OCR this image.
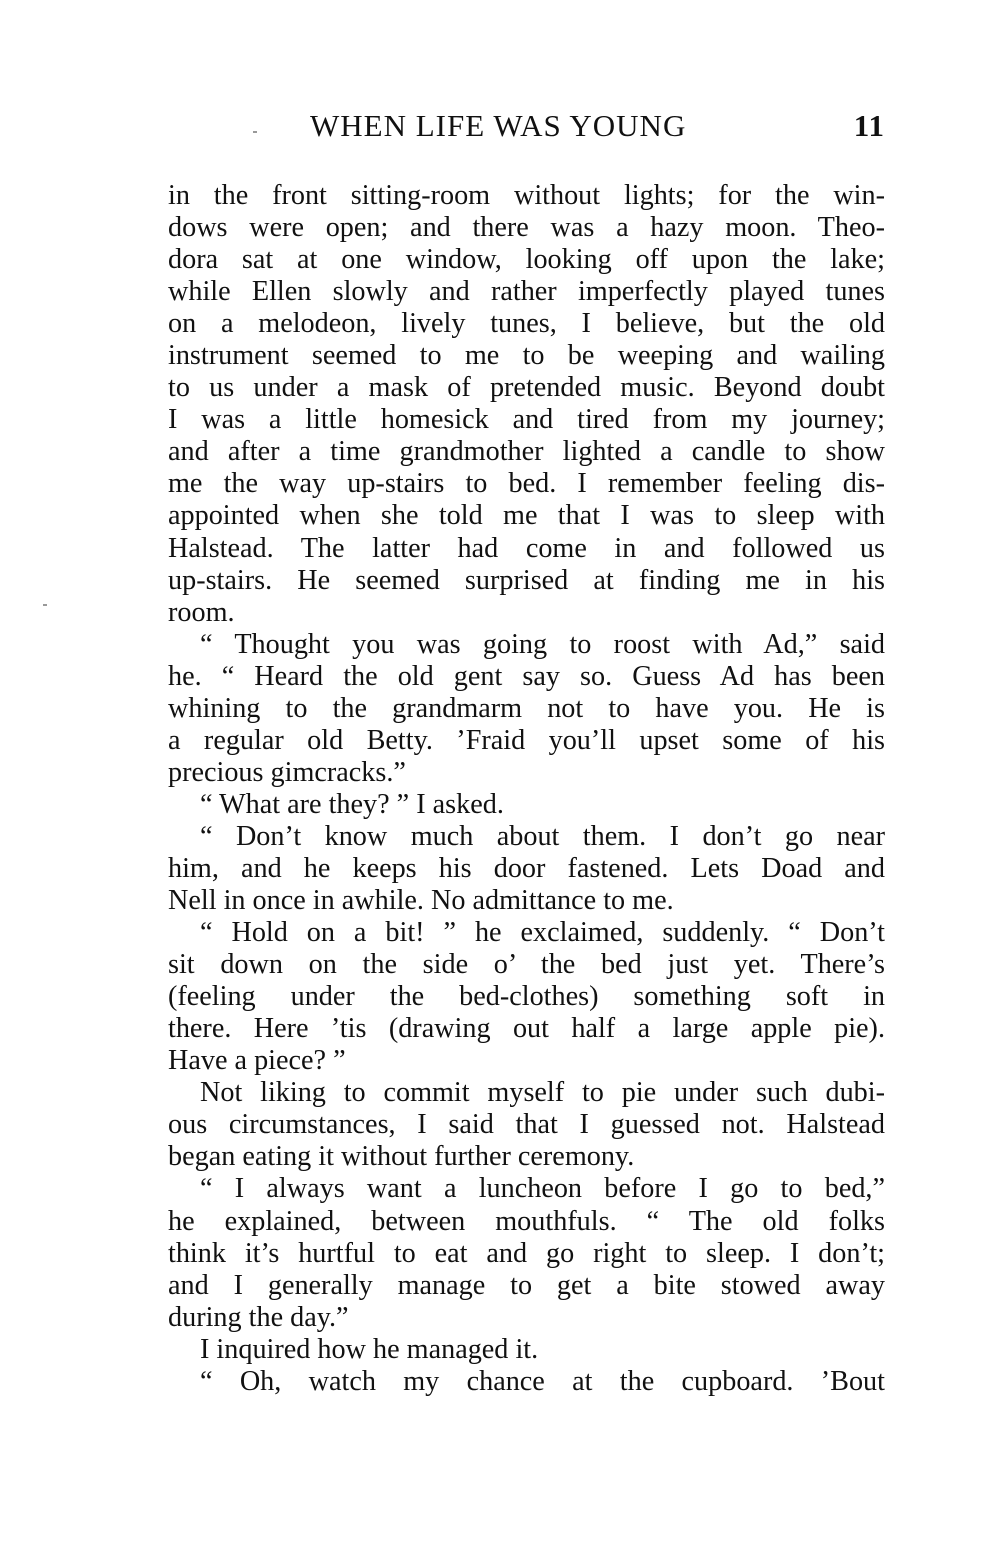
WHEN LIFE WAS YOUNG	11
in the front sitting-room without lights; for the win-
dows were open; and there was a hazy moon. Theo-
dora sat at one window, looking off upon the lake;
while Ellen slowly and rather imperfectly played tunes
on a melodeon, lively tunes, I believe, but the old
instrument seemed to me to be weeping and wailing
to us under a mask of pretended music. Beyond doubt
I was a little homesick and tired from my journey;
and after a time grandmother lighted a candle to show
me the way up-stairs to bed. I remember feeling dis-
appointed when she told me that I was to sleep with
Halstead. The latter had come in and followed us
up-stairs. He seemed surprised at finding me in his
room.
“ Thought you was going to roost with Ad,” said
he. “ Heard the old gent say so. Guess Ad has been
whining to the grandmarm not to have you. He is
a regular old Betty. ’Fraid you’ll upset some of his
precious gimcracks.”
“ What are they? ” I asked.
“ Don’t know much about them. I don’t go near
him, and he keeps his door fastened. Lets Doad and
Nell in once in awhile. No admittance to me.
“ Hold on a bit! ” he exclaimed, suddenly. “ Don’t
sit down on the side o’ the bed just yet. There’s
(feeling under the bed-clothes) something soft in
there. Here ’tis (drawing out half a large apple pie).
Have a piece? ”
Not liking to commit myself to pie under such dubi-
ous circumstances, I said that I guessed not. Halstead
began eating it without further ceremony.
“ I always want a luncheon before I go to bed,”
he explained, between mouthfuls. “ The old folks
think it’s hurtful to eat and go right to sleep. I don’t;
and I generally manage to get a bite stowed away
during the day.”
I inquired how he managed it.
“ Oh, watch my chance at the cupboard. ’Bout
